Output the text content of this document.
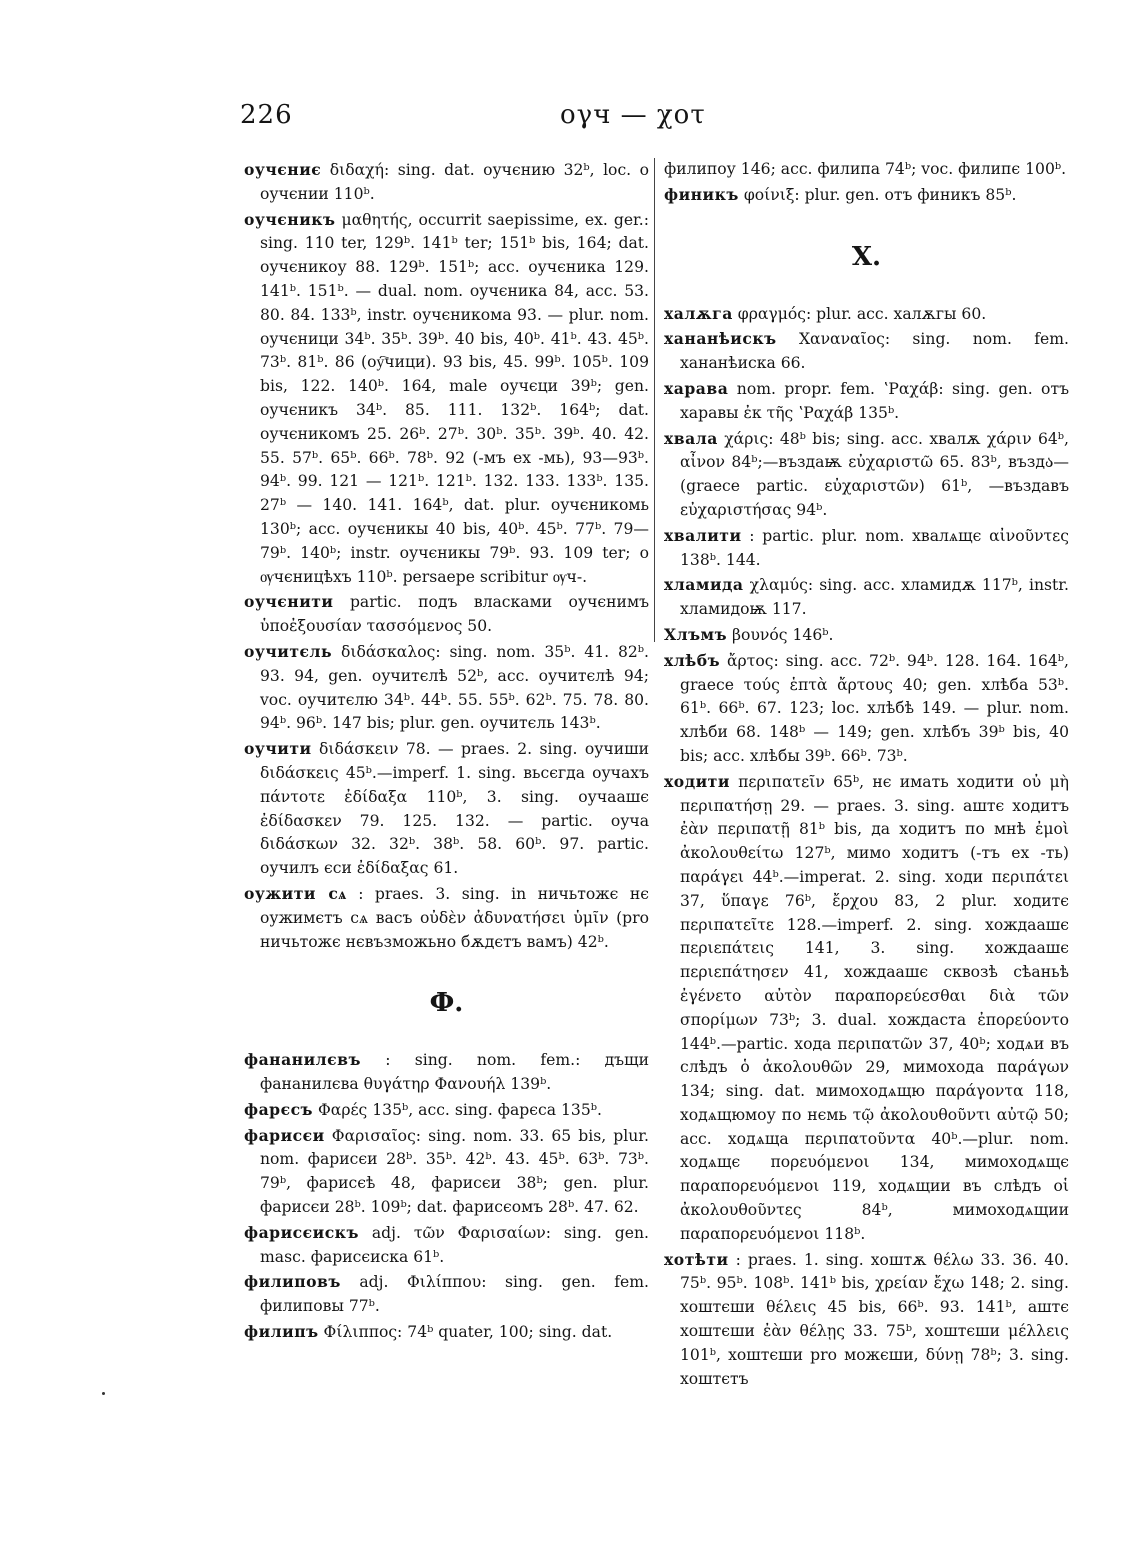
226	ογч — χοτ

оучєниє διδαχή: sing. dat. оучєнию 32ᵇ, loc. о оучєнии 110ᵇ.

оучєникъ μαθητής, occurrit saepissime, ex. ger.: sing. 110 ter, 129ᵇ. 141ᵇ ter; 151ᵇ bis, 164; dat. оучєникоу 88. 129ᵇ. 151ᵇ; acc. оучєника 129. 141ᵇ. 151ᵇ. — dual. nom. оучєника 84, acc. 53. 80. 84. 133ᵇ, instr. оучєникома 93. — plur. nom. оучєници 34ᵇ. 35ᵇ. 39ᵇ. 40 bis, 40ᵇ. 41ᵇ. 43. 45ᵇ. 73ᵇ. 81ᵇ. 86 (оу҇чици). 93 bis, 45. 99ᵇ. 105ᵇ. 109 bis, 122. 140ᵇ. 164, male оучєци 39ᵇ; gen. оучєникъ 34ᵇ. 85. 111. 132ᵇ. 164ᵇ; dat. оучєникомъ 25. 26ᵇ. 27ᵇ. 30ᵇ. 35ᵇ. 39ᵇ. 40. 42. 55. 57ᵇ. 65ᵇ. 66ᵇ. 78ᵇ. 92 (-мъ ex -мь), 93—93ᵇ. 94ᵇ. 99. 121 — 121ᵇ. 121ᵇ. 132. 133. 133ᵇ. 135. 27ᵇ — 140. 141. 164ᵇ, dat. plur. оучєникомь 130ᵇ; acc. оучєникы 40 bis, 40ᵇ. 45ᵇ. 77ᵇ. 79—79ᵇ. 140ᵇ; instr. оучєникы 79ᵇ. 93. 109 ter; о ѹчєницѣхъ 110ᵇ. persaepe scribitur ѹч-.

оучєнити partic. подъ власками оучєнимъ ὑποἐξουσίαν τασσόμενος 50.

оучитєль διδάσκαλος: sing. nom. 35ᵇ. 41. 82ᵇ. 93. 94, gen. оучитєлѣ 52ᵇ, acc. оучитєлѣ 94; voc. оучитєлю 34ᵇ. 44ᵇ. 55. 55ᵇ. 62ᵇ. 75. 78. 80. 94ᵇ. 96ᵇ. 147 bis; plur. gen. оучитєль 143ᵇ.

оучити διδάσκειν 78. — praes. 2. sing. оучиши διδάσκεις 45ᵇ.—imperf. 1. sing. вьсєгда оучахъ πάντοτε ἐδίδαξα 110ᵇ, 3. sing. оучаашє ἐδίδασκεν 79. 125. 132. — partic. оуча διδάσκων 32. 32ᵇ. 38ᵇ. 58. 60ᵇ. 97. partic. оучилъ єси ἐδίδαξας 61.

оужити сѧ : praes. 3. sing. in ничьтожє нє оужимєтъ сѧ васъ οὐδὲν ἀδυνατήσει ὑμῖν (pro ничьтожє нєвъзможьно бѫдєтъ вамъ) 42ᵇ.

Ф.

фананилєвъ : sing. nom. fem.: дъщи фананилєва θυγάτηρ Φανουήλ 139ᵇ.

фарєсъ Φαρές 135ᵇ, acc. sing. фарєса 135ᵇ.

фарисєи Φαρισαῖος: sing. nom. 33. 65 bis, plur. nom. фарисєи 28ᵇ. 35ᵇ. 42ᵇ. 43. 45ᵇ. 63ᵇ. 73ᵇ. 79ᵇ, фарисєѣ 48, фарисєи 38ᵇ; gen. plur. фарисєи 28ᵇ. 109ᵇ; dat. фарисєомъ 28ᵇ. 47. 62.

фарисєискъ adj. τῶν Φαρισαίων: sing. gen. masc. фарисєиска 61ᵇ.

филиповъ adj. Φιλίππου: sing. gen. fem. филиповы 77ᵇ.

филипъ Φίλιππος: 74ᵇ quater, 100; sing. dat.

филипоу 146; acc. филипа 74ᵇ; voc. филипє 100ᵇ.

финикъ φοίνιξ: plur. gen. отъ финикъ 85ᵇ.

Х.

халѫга φραγμός: plur. acc. халѫгы 60.

хананѣискъ Χαναναῖος: sing. nom. fem. хананѣиска 66.

харава nom. propr. fem. ʽΡαχάβ: sing. gen. отъ харавы ἐκ τῆς ʽΡαχάβ 135ᵇ.

хвала χάρις: 48ᵇ bis; sing. acc. хвалѫ χάριν 64ᵇ, αἶνον 84ᵇ;—въздаѭ εὐχαριστῶ 65. 83ᵇ, въздა— (graece partic. εὐχαριστῶν) 61ᵇ, —въздавъ εὐχαριστήσας 94ᵇ.

хвалити : partic. plur. nom. хвалѧщє αἰνοῦντες 138ᵇ. 144.

хламида χλαμύς: sing. acc. хламидѫ 117ᵇ, instr. хламидоѭ 117.

Хлъмъ βουνός 146ᵇ.

хлѣбъ ἄρτος: sing. acc. 72ᵇ. 94ᵇ. 128. 164. 164ᵇ, graece τούς ἑπτὰ ἄρτους 40; gen. хлѣба 53ᵇ. 61ᵇ. 66ᵇ. 67. 123; loc. хлѣбѣ 149. — plur. nom. хлѣби 68. 148ᵇ — 149; gen. хлѣбъ 39ᵇ bis, 40 bis; acc. хлѣбы 39ᵇ. 66ᵇ. 73ᵇ.

ходити περιπατεῖν 65ᵇ, нє имать ходити οὐ μὴ περιπατήσῃ 29. — praes. 3. sing. аштє ходитъ ἐὰν περιπατῇ 81ᵇ bis, да ходитъ по мнѣ ἐμοὶ ἀκολουθείτω 127ᵇ, мимо ходитъ (-тъ ex -ть) παράγει 44ᵇ.—imperat. 2. sing. ходи περιπάτει 37, ὕπαγε 76ᵇ, ἔρχου 83, 2 plur. ходитє περιπατεῖτε 128.—imperf. 2. sing. хождаашє περιεπάτεις 141, 3. sing. хождаашє περιεπάτησεν 41, хождаашє сквозѣ сѣаньѣ ἐγένετο αὐτὸν παραπορεύεσθαι διὰ τῶν σπορίμων 73ᵇ; 3. dual. хождаста ἐπορεύοντο 144ᵇ.—partic. хода περιπατῶν 37, 40ᵇ; ходѧи въ слѣдъ ὁ ἀκολουθῶν 29, мимохода παράγων 134; sing. dat. мимоходѧщю παράγοντα 118, ходѧщюмоу по нємь τῷ ἀκολουθοῦντι αὐτῷ 50; acc. ходѧща περιπατοῦντα 40ᵇ.—plur. nom. ходѧщє πορευόμενοι 134, мимоходѧщє παραπορευόμενοι 119, ходѧщии въ слѣдъ οἱ ἀκολουθοῦντες 84ᵇ, мимоходѧщии παραπορευόμενοι 118ᵇ.

хотѣти : praes. 1. sing. хоштѫ θέλω 33. 36. 40. 75ᵇ. 95ᵇ. 108ᵇ. 141ᵇ bis, χρείαν ἔχω 148; 2. sing. хоштєши θέλεις 45 bis, 66ᵇ. 93. 141ᵇ, аштє хоштєши ἐὰν θέλῃς 33. 75ᵇ, хоштєши μέλλεις 101ᵇ, хоштєши pro можєши, δύνῃ 78ᵇ; 3. sing. хоштєтъ
